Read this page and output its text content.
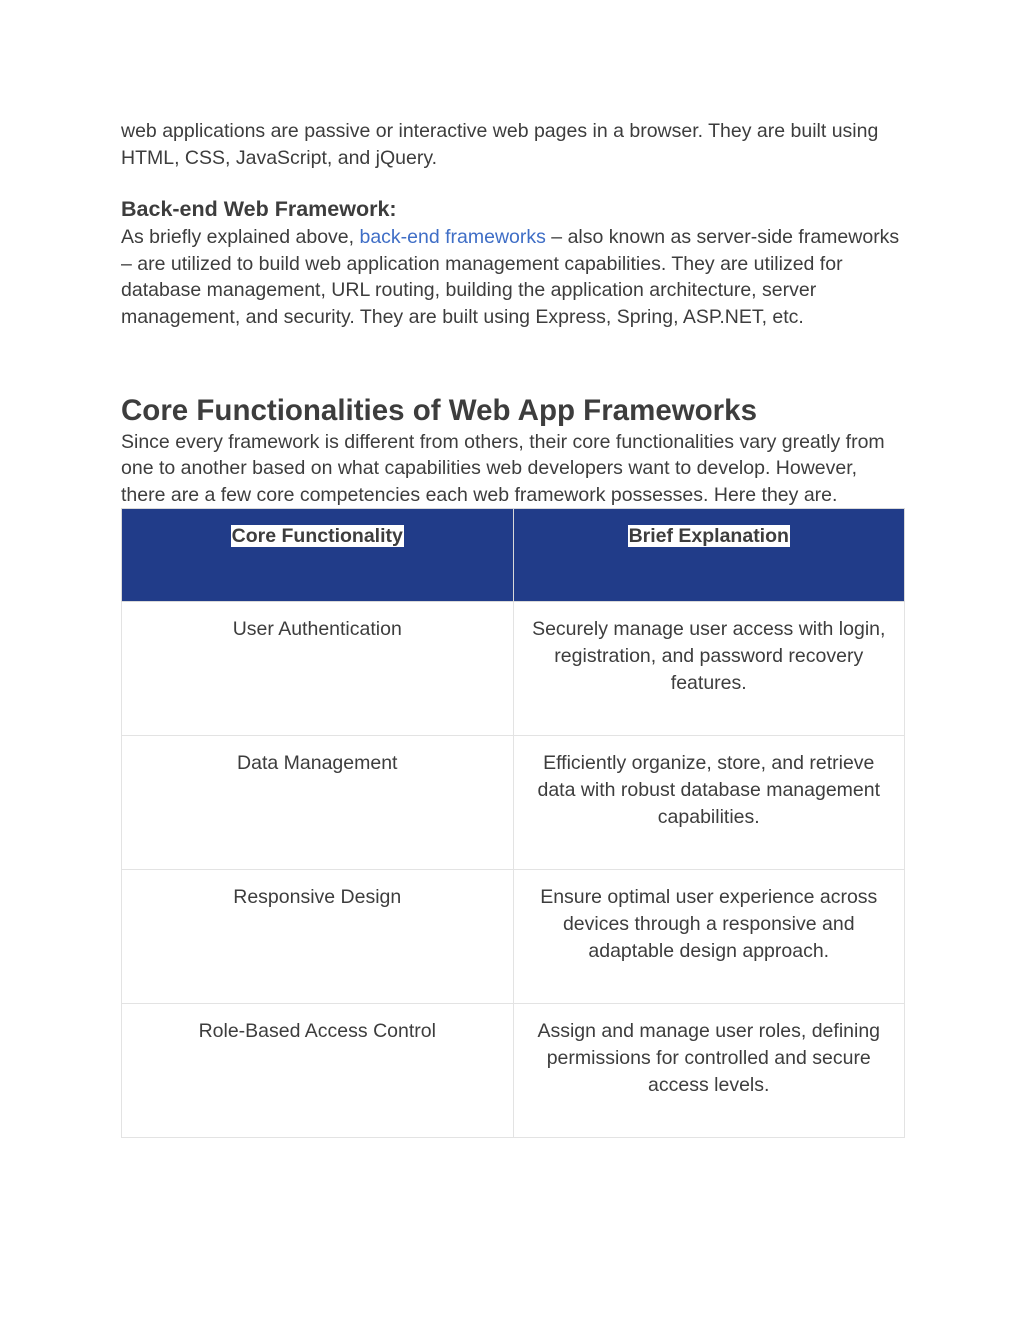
web applications are passive or interactive web pages in a browser. They are built using HTML, CSS, JavaScript, and jQuery.

Back-end Web Framework:

As briefly explained above, back-end frameworks – also known as server-side frameworks – are utilized to build web application management capabilities. They are utilized for database management, URL routing, building the application architecture, server management, and security. They are built using Express, Spring, ASP.NET, etc.

Core Functionalities of Web App Frameworks

Since every framework is different from others, their core functionalities vary greatly from one to another based on what capabilities web developers want to develop. However, there are a few core competencies each web framework possesses. Here they are.

Core Functionality	Brief Explanation
User Authentication	Securely manage user access with login, registration, and password recovery features.
Data Management	Efficiently organize, store, and retrieve data with robust database management capabilities.
Responsive Design	Ensure optimal user experience across devices through a responsive and adaptable design approach.
Role-Based Access Control	Assign and manage user roles, defining permissions for controlled and secure access levels.
